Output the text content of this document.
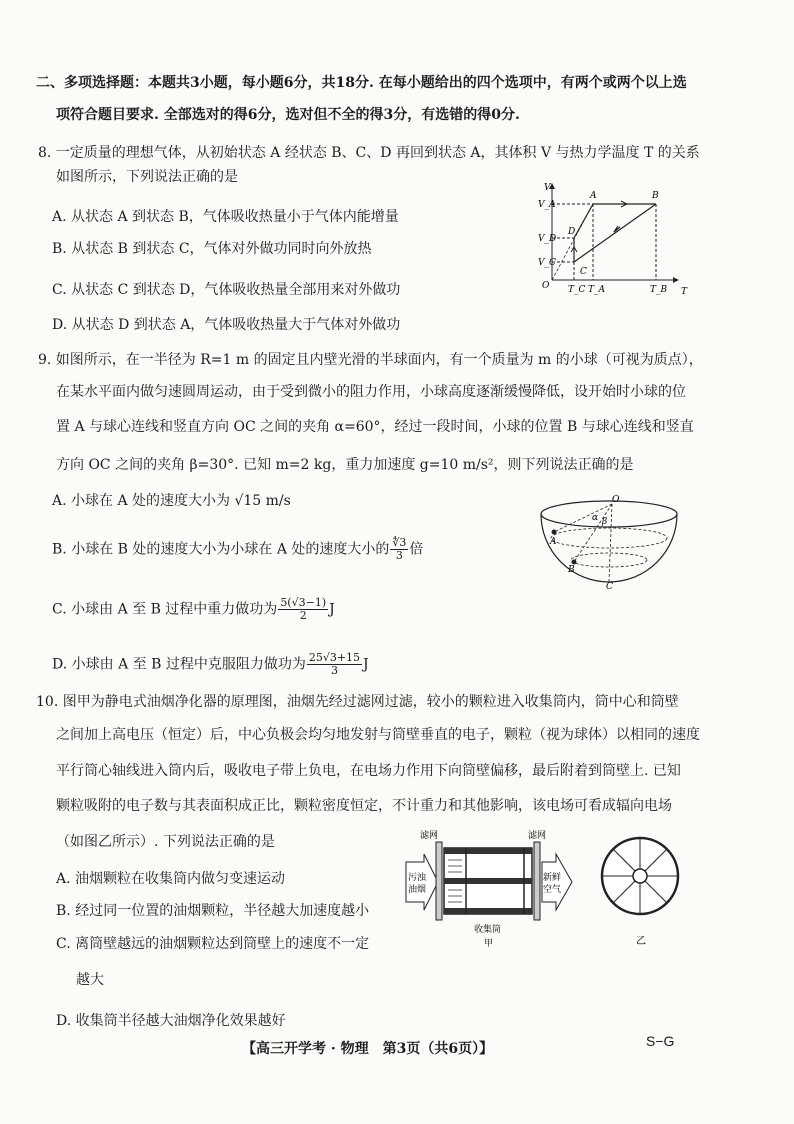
二、多项选择题：本题共3小题，每小题6分，共18分. 在每小题给出的四个选项中，有两个或两个以上选
项符合题目要求. 全部选对的得6分，选对但不全的得3分，有选错的得0分.
8. 一定质量的理想气体，从初始状态 A 经状态 B、C、D 再回到状态 A，其体积 V 与热力学温度 T 的关系
如图所示，下列说法正确的是
A. 从状态 A 到状态 B，气体吸收热量小于气体内能增量
B. 从状态 B 到状态 C，气体对外做功同时向外放热
C. 从状态 C 到状态 D，气体吸收热量全部用来对外做功
D. 从状态 D 到状态 A，气体吸收热量大于气体对外做功
V
T
O
V_A
V_D
V_C
T_C T_A	T_B
A	B
C
D
9. 如图所示，在一半径为 R=1 m 的固定且内壁光滑的半球面内，有一个质量为 m 的小球（可视为质点），
在某水平面内做匀速圆周运动，由于受到微小的阻力作用，小球高度逐渐缓慢降低，设开始时小球的位
置 A 与球心连线和竖直方向 OC 之间的夹角 α=60°，经过一段时间，小球的位置 B 与球心连线和竖直
方向 OC 之间的夹角 β=30°. 已知 m=2 kg，重力加速度 g=10 m/s²，则下列说法正确的是
A. 小球在 A 处的速度大小为 √15 m/s
B. 小球在 B 处的速度大小为小球在 A 处的速度大小的 $\frac{∜3}{3}$ 倍
C. 小球由 A 至 B 过程中重力做功为 $\frac{5(√3-1)}{2}$ J
D. 小球由 A 至 B 过程中克服阻力做功为 $\frac{25√3+15}{3}$ J
O
A
B
C
α β
10. 图甲为静电式油烟净化器的原理图，油烟先经过滤网过滤，较小的颗粒进入收集筒内，筒中心和筒壁
之间加上高电压（恒定）后，中心负极会均匀地发射与筒壁垂直的电子，颗粒（视为球体）以相同的速度
平行筒心轴线进入筒内后，吸收电子带上负电，在电场力作用下向筒壁偏移，最后附着到筒壁上. 已知
颗粒吸附的电子数与其表面积成正比，颗粒密度恒定，不计重力和其他影响，该电场可看成辐向电场
（如图乙所示）. 下列说法正确的是
A. 油烟颗粒在收集筒内做匀变速运动
B. 经过同一位置的油烟颗粒，半径越大加速度越小
C. 离筒壁越远的油烟颗粒达到筒壁上的速度不一定
越大
D. 收集筒半径越大油烟净化效果越好
滤网	滤网
污浊
油烟
新鲜
空气
收集筒
甲	乙
【高三开学考 · 物理　第3页（共6页）】	S−G
